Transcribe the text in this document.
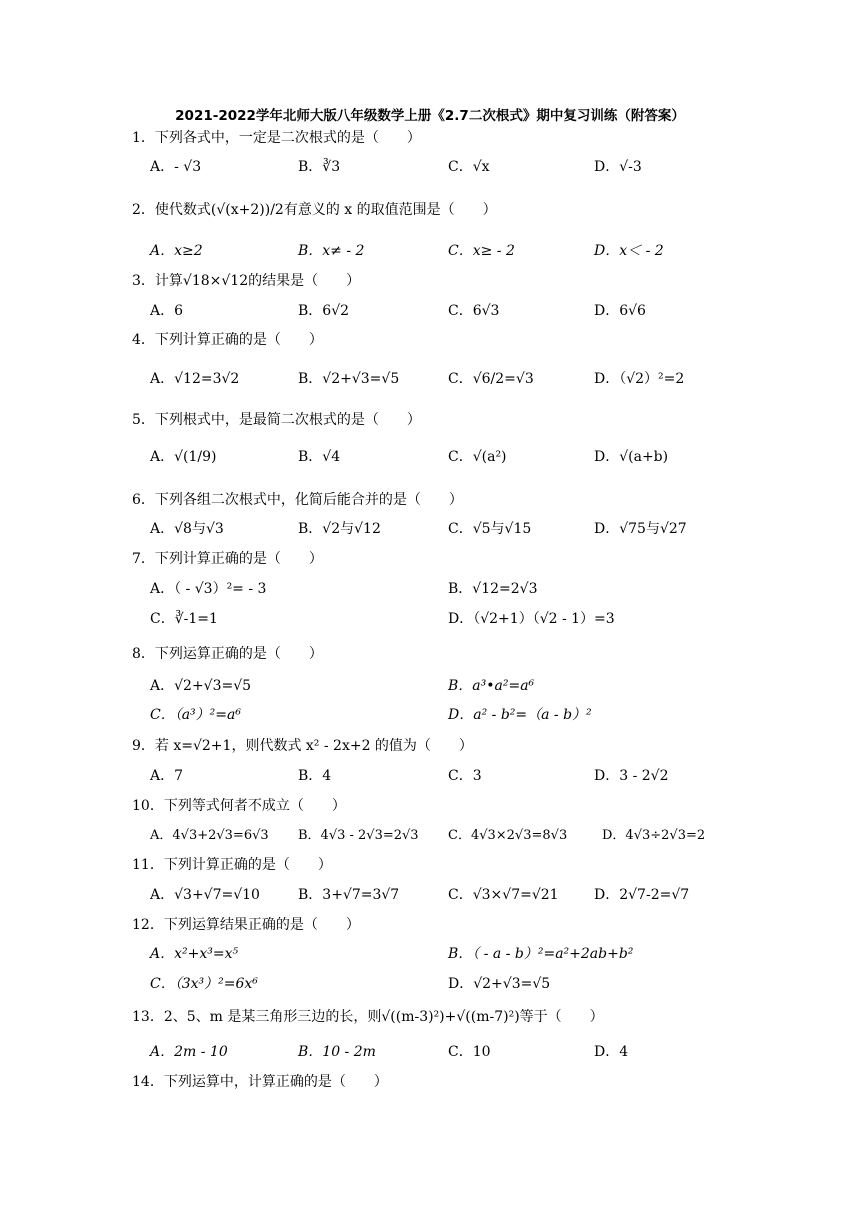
2021-2022学年北师大版八年级数学上册《2.7二次根式》期中复习训练（附答案）
1．下列各式中，一定是二次根式的是（　　）
A．- √3	B．∛3	C．√x	D．√-3
2．使代数式(√(x+2))/2有意义的 x 的取值范围是（　　）
A．x≥2	B．x≠ - 2	C．x≥ - 2	D．x＜ - 2
3．计算√18×√12的结果是（　　）
A．6	B．6√2	C．6√3	D．6√6
4．下列计算正确的是（　　）
A．√12=3√2	B．√2+√3=√5	C．√6/2=√3	D．（√2）²=2
5．下列根式中，是最简二次根式的是（　　）
A．√(1/9)	B．√4	C．√(a²)	D．√(a+b)
6．下列各组二次根式中，化简后能合并的是（　　）
A．√8与√3	B．√2与√12	C．√5与√15	D．√75与√27
7．下列计算正确的是（　　）
A．（ - √3）²= - 3	B．√12=2√3
C．∛-1=1	D．（√2+1）（√2 - 1）=3
8．下列运算正确的是（　　）
A．√2+√3=√5	B．a³•a²=a⁶
C．（a³）²=a⁶	D．a² - b²=（a - b）²
9．若 x=√2+1，则代数式 x² - 2x+2 的值为（　　）
A．7	B．4	C．3	D．3 - 2√2
10．下列等式何者不成立（　　）
A．4√3+2√3=6√3 B．4√3 - 2√3=2√3 C．4√3×2√3=8√3	D．4√3÷2√3=2
11．下列计算正确的是（　　）
A．√3+√7=√10	B．3+√7=3√7	C．√3×√7=√21	D．2√7-2=√7
12．下列运算结果正确的是（　　）
A．x²+x³=x⁵	B．（ - a - b）²=a²+2ab+b²
C．（3x³）²=6x⁶	D．√2+√3=√5
13．2、5、m 是某三角形三边的长，则√((m-3)²)+√((m-7)²)等于（　　）
A．2m - 10	B．10 - 2m	C．10	D．4
14．下列运算中，计算正确的是（　　）
